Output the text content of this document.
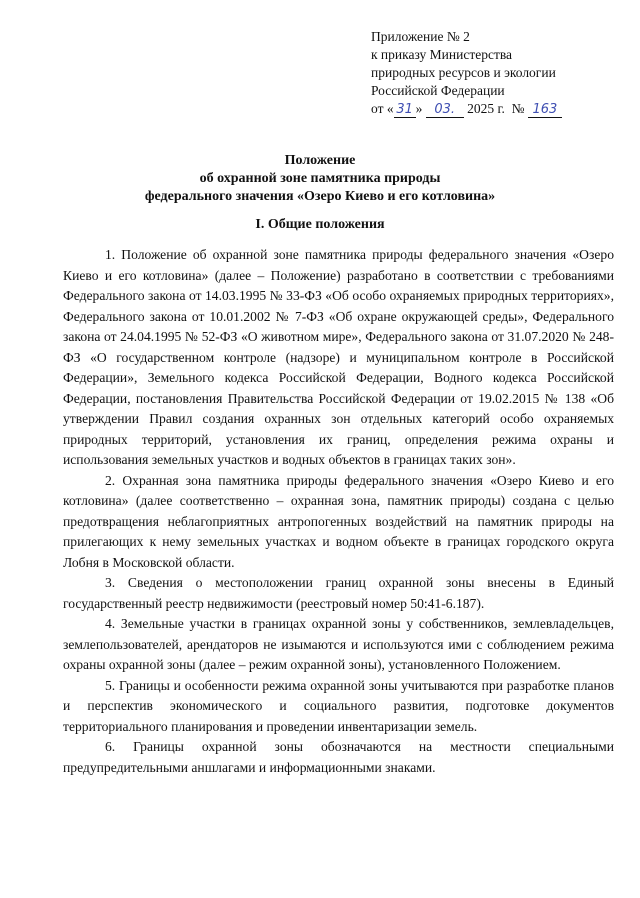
Приложение № 2
к приказу Министерства
природных ресурсов и экологии
Российской Федерации
от « 31 » 03. 2025 г. № 163
Положение
об охранной зоне памятника природы
федерального значения «Озеро Киево и его котловина»
I. Общие положения

1. Положение об охранной зоне памятника природы федерального значения «Озеро Киево и его котловина» (далее – Положение) разработано в соответствии с требованиями Федерального закона от 14.03.1995 № 33-ФЗ «Об особо охраняемых природных территориях», Федерального закона от 10.01.2002 № 7-ФЗ «Об охране окружающей среды», Федерального закона от 24.04.1995 № 52-ФЗ «О животном мире», Федерального закона от 31.07.2020 № 248-ФЗ «О государственном контроле (надзоре) и муниципальном контроле в Российской Федерации», Земельного кодекса Российской Федерации, Водного кодекса Российской Федерации, постановления Правительства Российской Федерации от 19.02.2015 № 138 «Об утверждении Правил создания охранных зон отдельных категорий особо охраняемых природных территорий, установления их границ, определения режима охраны и использования земельных участков и водных объектов в границах таких зон».

2. Охранная зона памятника природы федерального значения «Озеро Киево и его котловина» (далее соответственно – охранная зона, памятник природы) создана с целью предотвращения неблагоприятных антропогенных воздействий на памятник природы на прилегающих к нему земельных участках и водном объекте в границах городского округа Лобня в Московской области.

3. Сведения о местоположении границ охранной зоны внесены в Единый государственный реестр недвижимости (реестровый номер 50:41-6.187).

4. Земельные участки в границах охранной зоны у собственников, землевладельцев, землепользователей, арендаторов не изымаются и используются ими с соблюдением режима охраны охранной зоны (далее – режим охранной зоны), установленного Положением.

5. Границы и особенности режима охранной зоны учитываются при разработке планов и перспектив экономического и социального развития, подготовке документов территориального планирования и проведении инвентаризации земель.

6. Границы охранной зоны обозначаются на местности специальными предупредительными аншлагами и информационными знаками.
